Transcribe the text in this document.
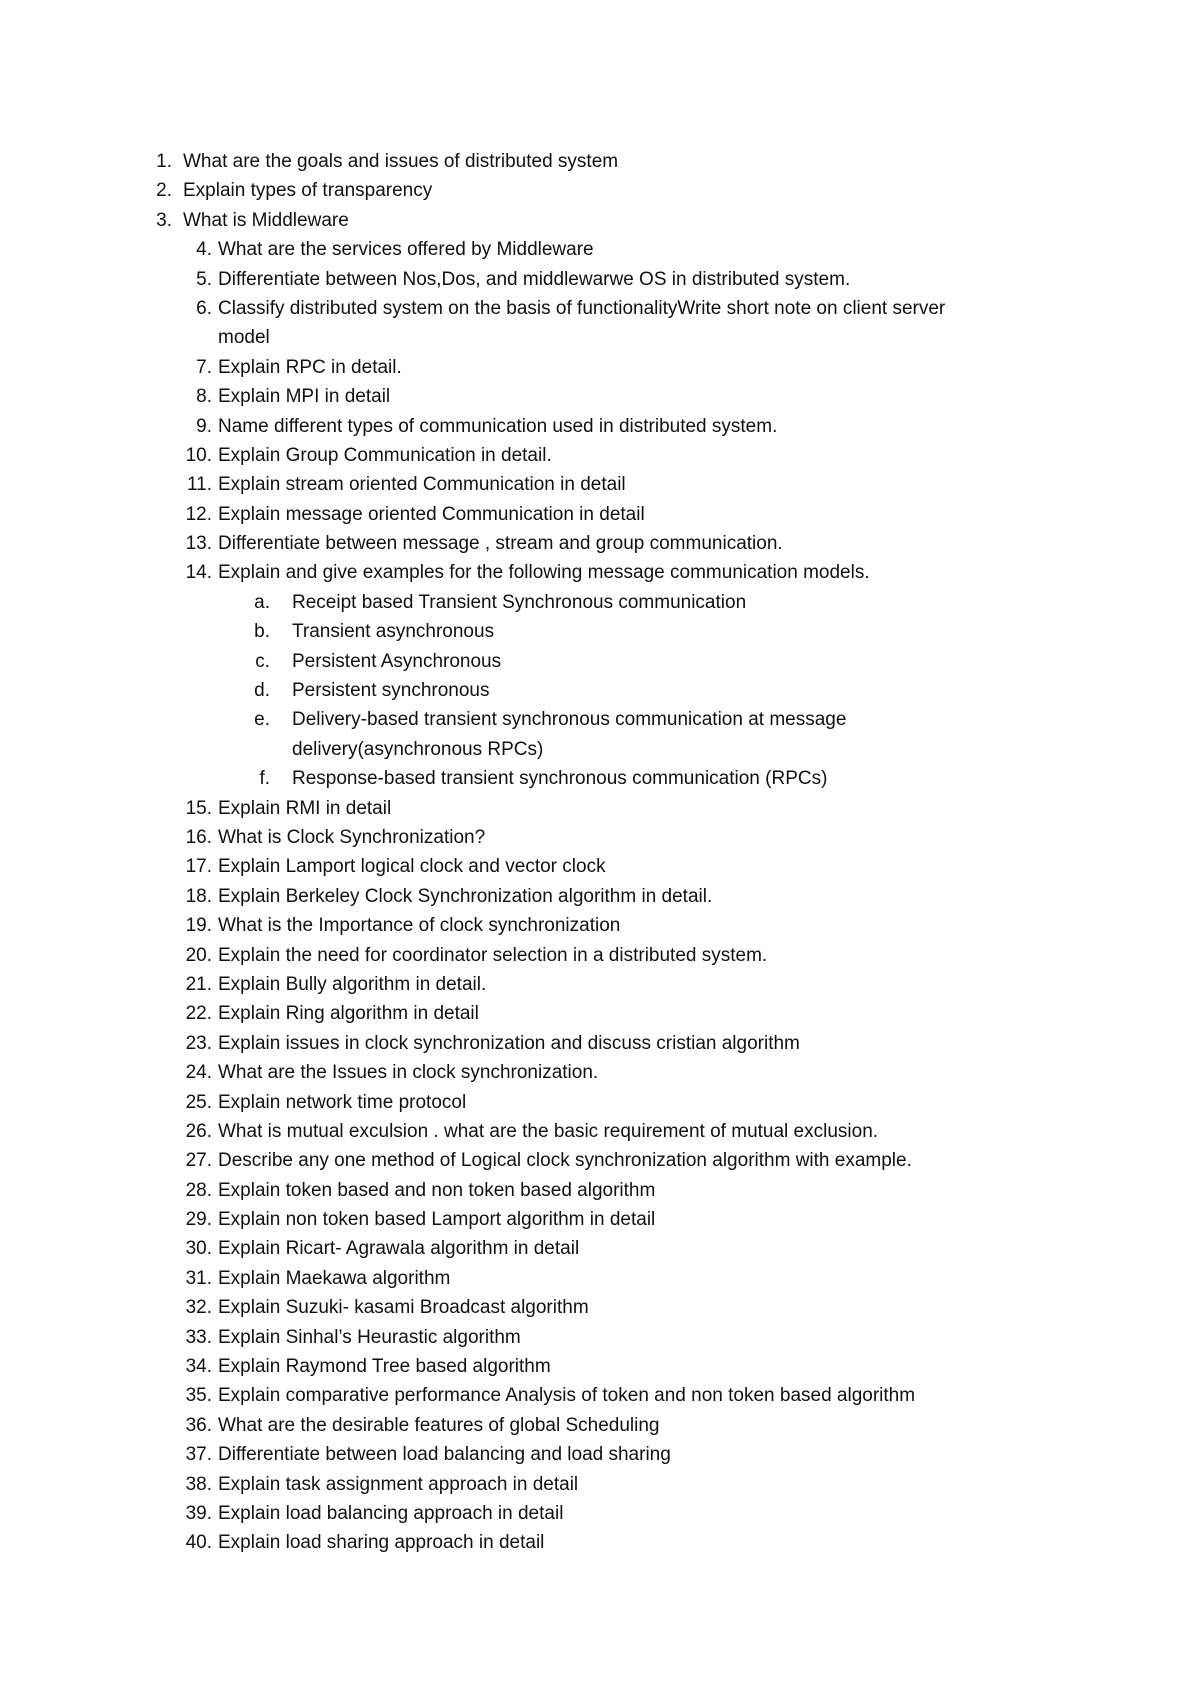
1. What are the goals and issues of distributed system
2. Explain types of transparency
3. What is Middleware
4. What are the services offered by Middleware
5. Differentiate between Nos,Dos, and middlewarwe OS in distributed system.
6. Classify distributed system on the basis of functionalityWrite short note on client server
model
7. Explain RPC in detail.
8. Explain MPI in detail
9. Name different types of communication used in distributed system.
10. Explain Group Communication in detail.
11. Explain stream oriented Communication in detail
12. Explain message oriented Communication in detail
13. Differentiate between message , stream and group communication.
14. Explain and give examples for the following message communication models.
a. Receipt based Transient Synchronous communication
b. Transient asynchronous
c. Persistent Asynchronous
d. Persistent synchronous
e. Delivery-based transient synchronous communication at message
delivery(asynchronous RPCs)
f. Response-based transient synchronous communication (RPCs)
15. Explain RMI in detail
16. What is Clock Synchronization?
17. Explain Lamport logical clock and vector clock
18. Explain Berkeley Clock Synchronization algorithm in detail.
19. What is the Importance of clock synchronization
20. Explain the need for coordinator selection in a distributed system.
21. Explain Bully algorithm in detail.
22. Explain Ring algorithm in detail
23. Explain issues in clock synchronization and discuss cristian algorithm
24. What are the Issues in clock synchronization.
25. Explain network time protocol
26. What is mutual exculsion . what are the basic requirement of mutual exclusion.
27. Describe any one method of Logical clock synchronization algorithm with example.
28. Explain token based and non token based algorithm
29. Explain non token based Lamport algorithm in detail
30. Explain Ricart- Agrawala algorithm in detail
31. Explain Maekawa algorithm
32. Explain Suzuki- kasami Broadcast algorithm
33. Explain Sinhal’s Heurastic algorithm
34. Explain Raymond Tree based algorithm
35. Explain comparative performance Analysis of token and non token based algorithm
36. What are the desirable features of global Scheduling
37. Differentiate between load balancing and load sharing
38. Explain task assignment approach in detail
39. Explain load balancing approach in detail
40. Explain load sharing approach in detail
